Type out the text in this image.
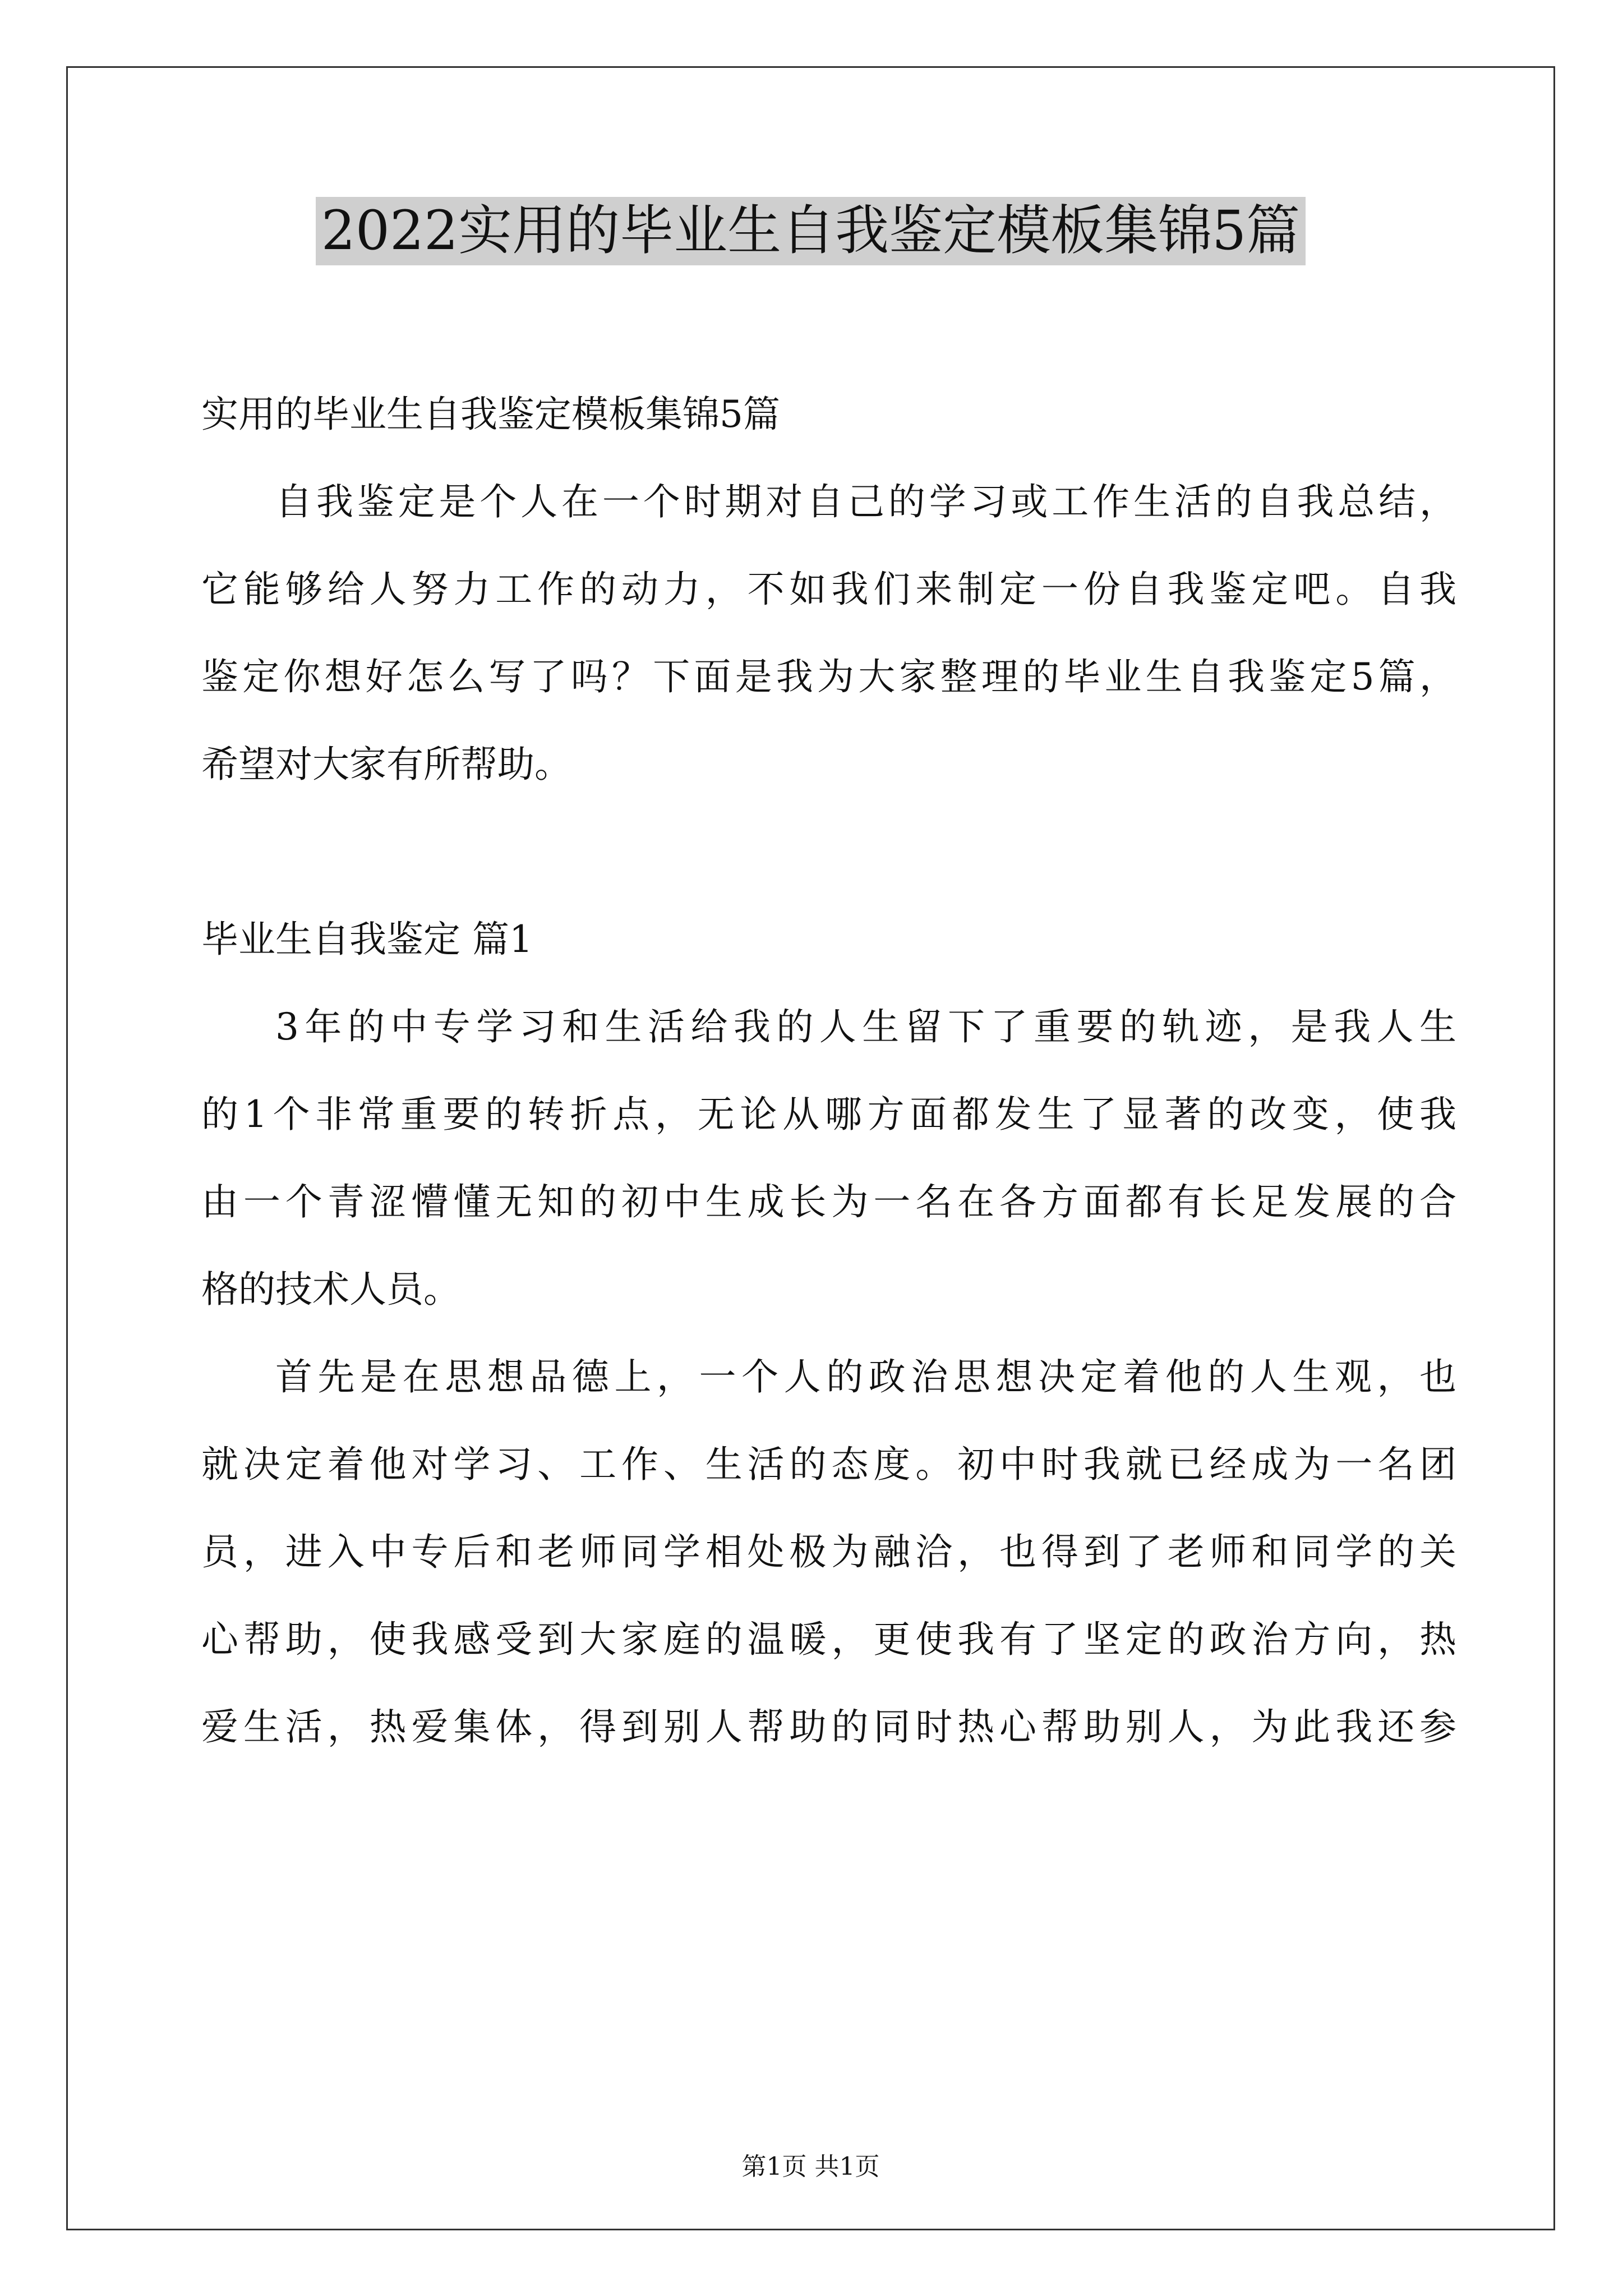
2022实用的毕业生自我鉴定模板集锦5篇
实用的毕业生自我鉴定模板集锦5篇
自我鉴定是个人在一个时期对自己的学习或工作生活的自我总结，
它能够给人努力工作的动力，不如我们来制定一份自我鉴定吧。自我
鉴定你想好怎么写了吗？下面是我为大家整理的毕业生自我鉴定5篇，
希望对大家有所帮助。
毕业生自我鉴定 篇1
3年的中专学习和生活给我的人生留下了重要的轨迹，是我人生
的1个非常重要的转折点，无论从哪方面都发生了显著的改变，使我
由一个青涩懵懂无知的初中生成长为一名在各方面都有长足发展的合
格的技术人员。
首先是在思想品德上，一个人的政治思想决定着他的人生观，也
就决定着他对学习、工作、生活的态度。初中时我就已经成为一名团
员，进入中专后和老师同学相处极为融洽，也得到了老师和同学的关
心帮助，使我感受到大家庭的温暖，更使我有了坚定的政治方向，热
爱生活，热爱集体，得到别人帮助的同时热心帮助别人，为此我还参
第1页 共1页
